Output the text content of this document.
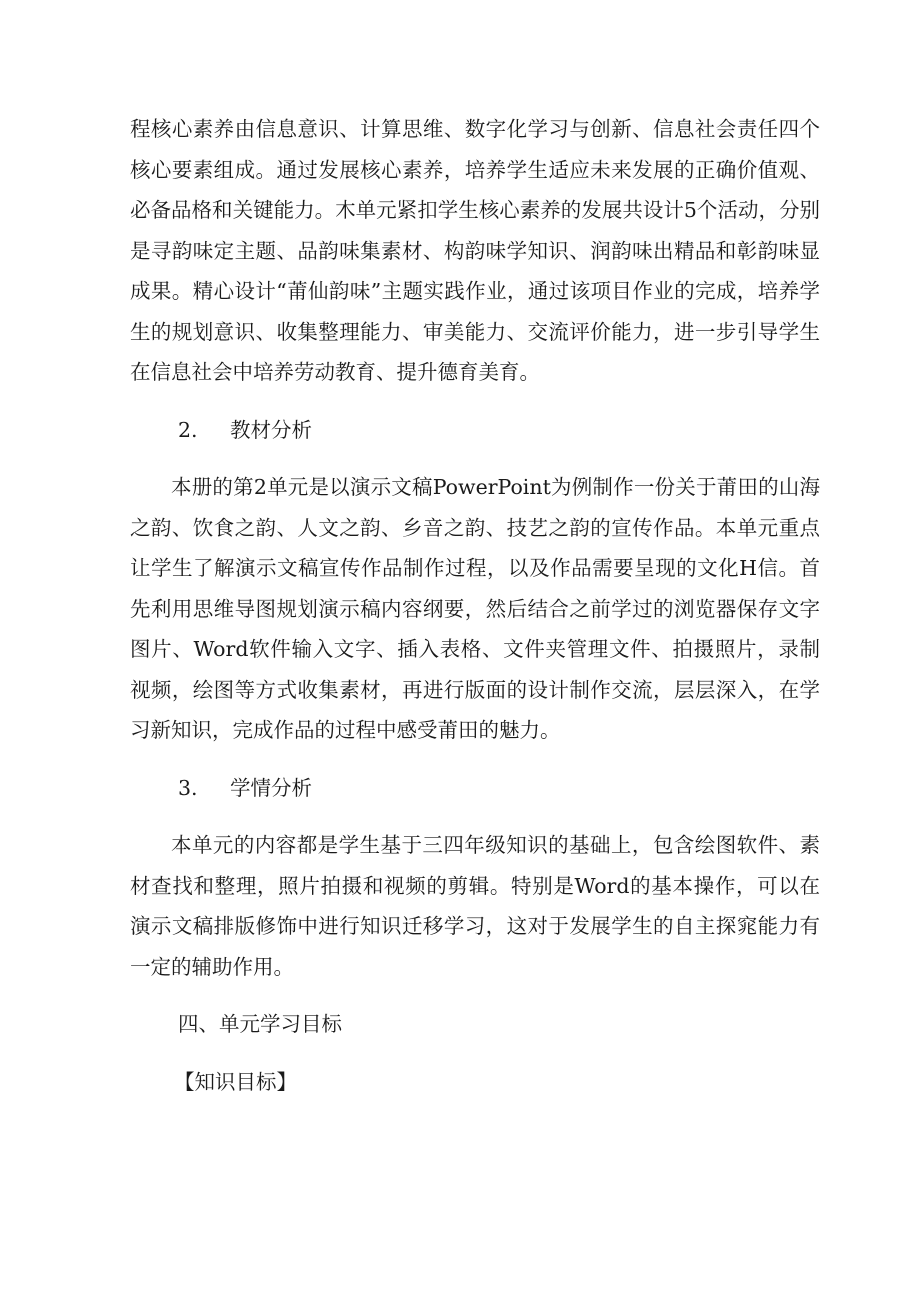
程核心素养由信息意识、计算思维、数字化学习与创新、信息社会责任四个核心要素组成。通过发展核心素养，培养学生适应未来发展的正确价值观、必备品格和关键能力。木单元紧扣学生核心素养的发展共设计5个活动，分别是寻韵味定主题、品韵味集素材、构韵味学知识、润韵味出精品和彰韵味显成果。精心设计“莆仙韵味”主题实践作业，通过该项目作业的完成，培养学生的规划意识、收集整理能力、审美能力、交流评价能力，进一步引导学生在信息社会中培养劳动教育、提升德育美育。

2. 教材分析

本册的第2单元是以演示文稿PowerPoint为例制作一份关于莆田的山海之韵、饮食之韵、人文之韵、乡音之韵、技艺之韵的宣传作品。本单元重点让学生了解演示文稿宣传作品制作过程，以及作品需要呈现的文化H信。首先利用思维导图规划演示稿内容纲要，然后结合之前学过的浏览器保存文字图片、Word软件输入文字、插入表格、文件夹管理文件、拍摄照片，录制视频，绘图等方式收集素材，再进行版面的设计制作交流，层层深入，在学习新知识，完成作品的过程中感受莆田的魅力。

3. 学情分析

本单元的内容都是学生基于三四年级知识的基础上，包含绘图软件、素材查找和整理，照片拍摄和视频的剪辑。特别是Word的基本操作，可以在演示文稿排版修饰中进行知识迁移学习，这对于发展学生的自主探窕能力有一定的辅助作用。

四、单元学习目标

【知识目标】
